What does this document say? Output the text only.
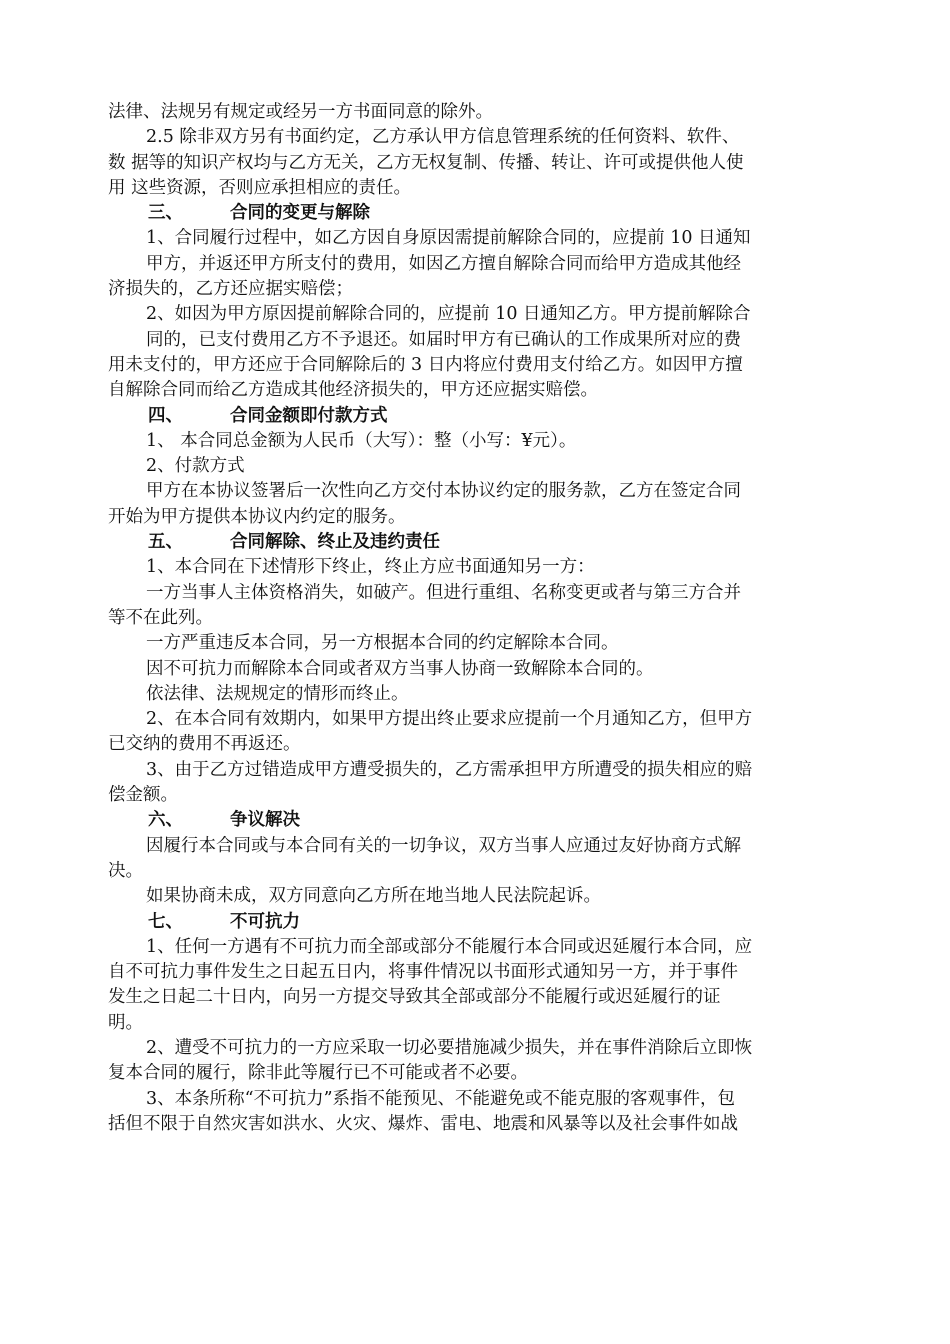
法律、法规另有规定或经另一方书面同意的除外。
2.5 除非双方另有书面约定，乙方承认甲方信息管理系统的任何资料、软件、
数 据等的知识产权均与乙方无关，乙方无权复制、传播、转让、许可或提供他人使
用 这些资源，否则应承担相应的责任。
三、	合同的变更与解除
1、合同履行过程中，如乙方因自身原因需提前解除合同的，应提前 10 日通知
甲方，并返还甲方所支付的费用，如因乙方擅自解除合同而给甲方造成其他经
济损失的，乙方还应据实赔偿；
2、如因为甲方原因提前解除合同的，应提前 10 日通知乙方。甲方提前解除合
同的，已支付费用乙方不予退还。如届时甲方有已确认的工作成果所对应的费
用未支付的，甲方还应于合同解除后的 3 日内将应付费用支付给乙方。如因甲方擅
自解除合同而给乙方造成其他经济损失的，甲方还应据实赔偿。
四、	合同金额即付款方式
1、 本合同总金额为人民币（大写）：整（小写：¥元）。
2、付款方式
甲方在本协议签署后一次性向乙方交付本协议约定的服务款，乙方在签定合同
开始为甲方提供本协议内约定的服务。
五、	合同解除、终止及违约责任
1、本合同在下述情形下终止，终止方应书面通知另一方：
一方当事人主体资格消失，如破产。但进行重组、名称变更或者与第三方合并
等不在此列。
一方严重违反本合同，另一方根据本合同的约定解除本合同。
因不可抗力而解除本合同或者双方当事人协商一致解除本合同的。
依法律、法规规定的情形而终止。
2、在本合同有效期内，如果甲方提出终止要求应提前一个月通知乙方，但甲方
已交纳的费用不再返还。
3、由于乙方过错造成甲方遭受损失的，乙方需承担甲方所遭受的损失相应的赔
偿金额。
六、	争议解决
因履行本合同或与本合同有关的一切争议，双方当事人应通过友好协商方式解
决。
如果协商未成，双方同意向乙方所在地当地人民法院起诉。
七、	不可抗力
1、任何一方遇有不可抗力而全部或部分不能履行本合同或迟延履行本合同，应
自不可抗力事件发生之日起五日内，将事件情况以书面形式通知另一方，并于事件
发生之日起二十日内，向另一方提交导致其全部或部分不能履行或迟延履行的证
明。
2、遭受不可抗力的一方应采取一切必要措施减少损失，并在事件消除后立即恢
复本合同的履行，除非此等履行已不可能或者不必要。
3、本条所称“不可抗力”系指不能预见、不能避免或不能克服的客观事件，包
括但不限于自然灾害如洪水、火灾、爆炸、雷电、地震和风暴等以及社会事件如战
